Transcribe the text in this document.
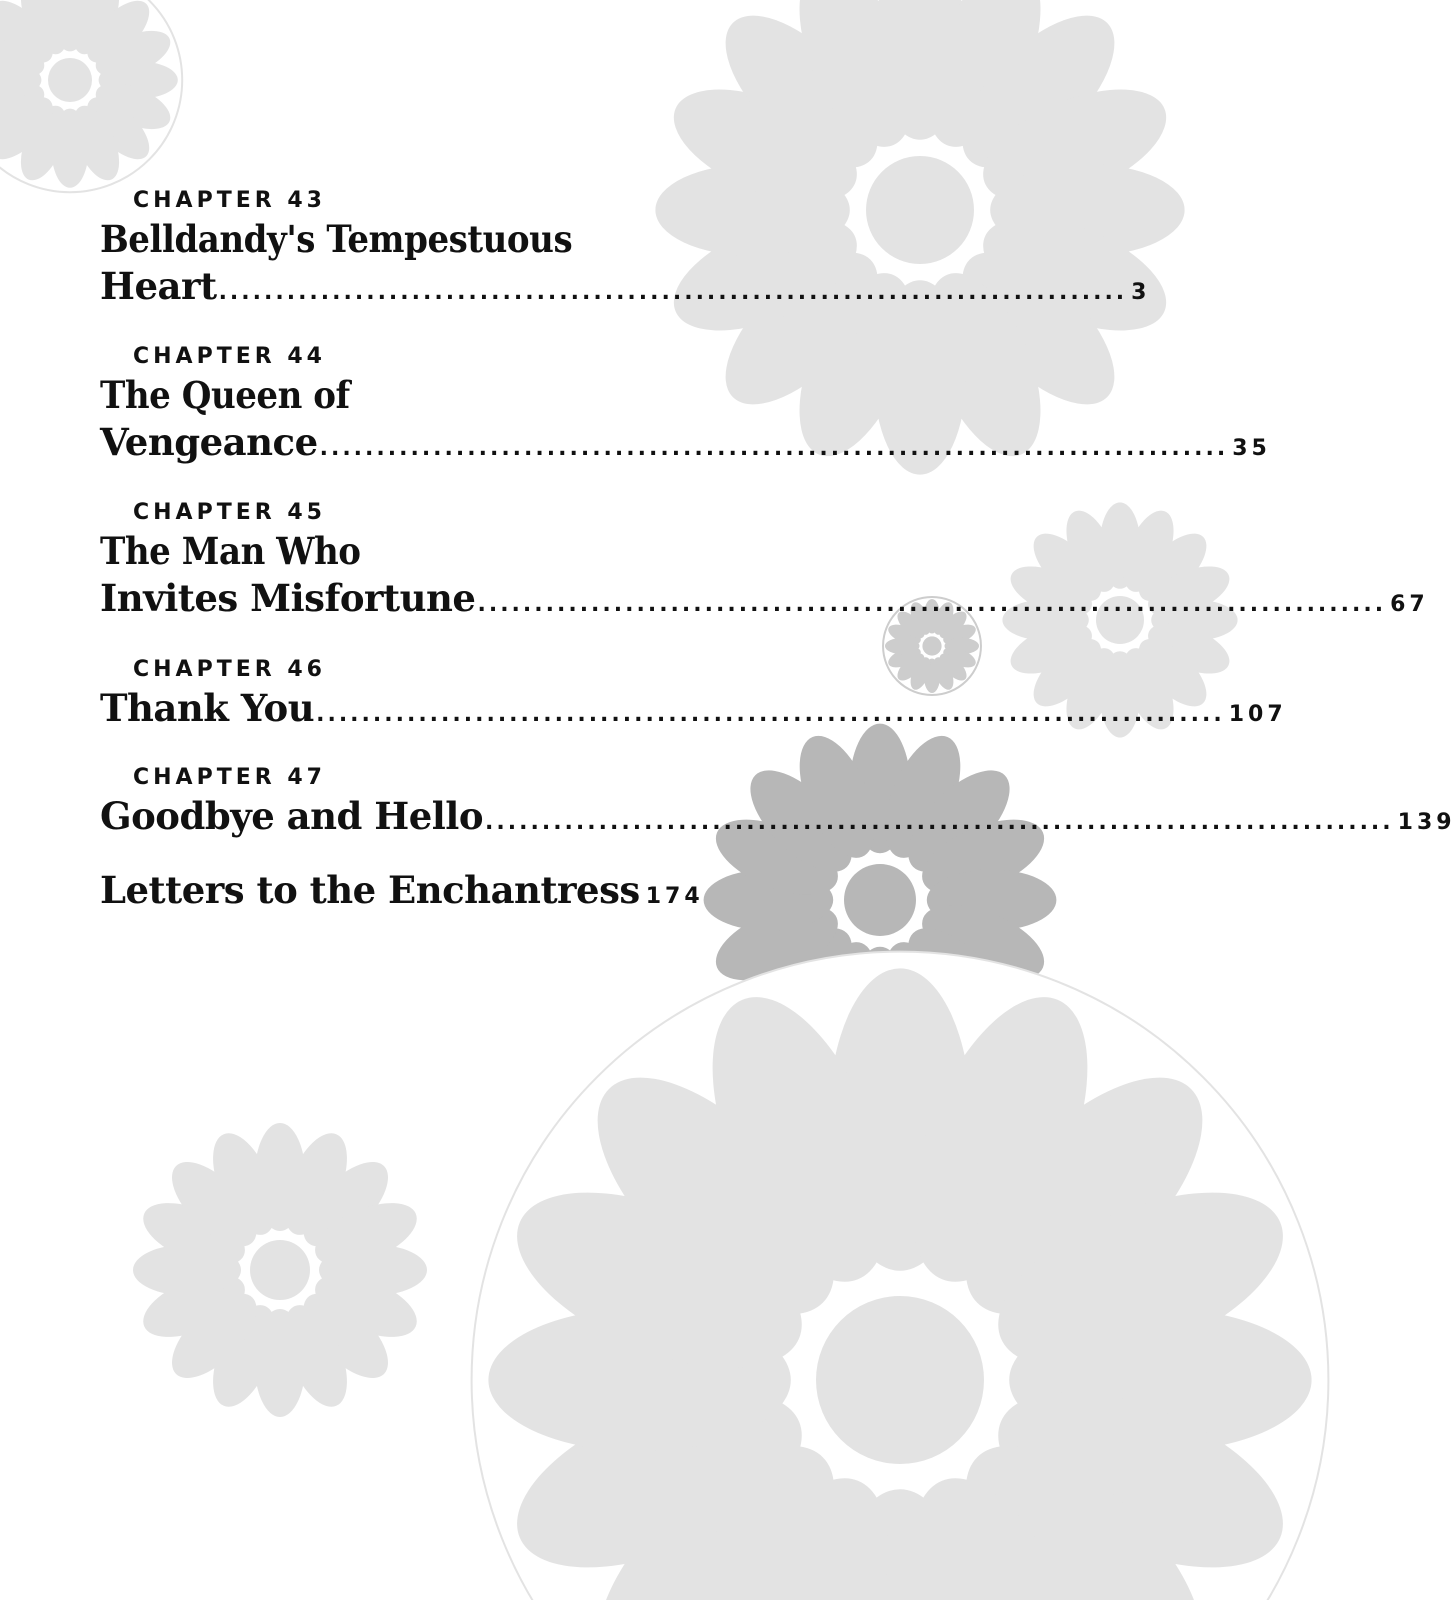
CHAPTER 43
Belldandy's Tempestuous
Heart ................................................................................ 3
CHAPTER 44
The Queen of
Vengeance ................................................................................ 35
CHAPTER 45
The Man Who
Invites Misfortune ................................................................................ 67
CHAPTER 46
Thank You ................................................................................ 107
CHAPTER 47
Goodbye and Hello ................................................................................ 139
Letters to the Enchantress 174
